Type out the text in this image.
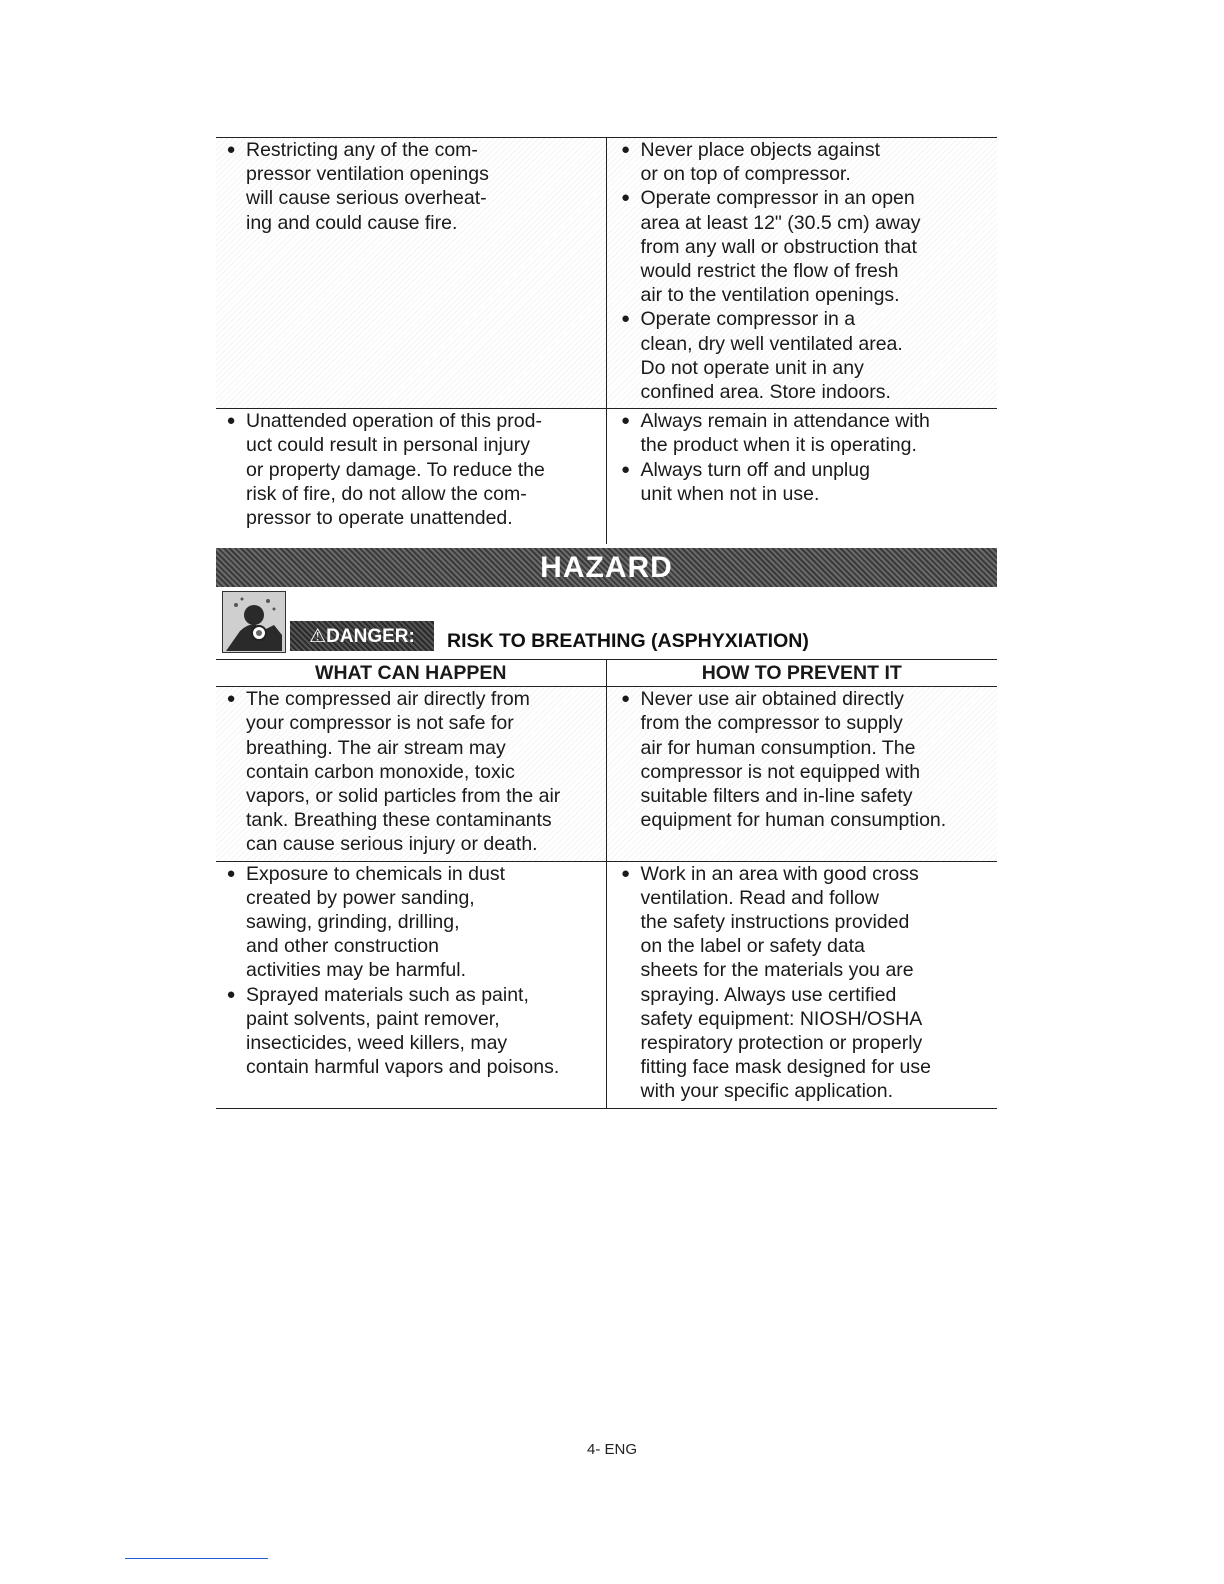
● Restricting any of the com-
pressor ventilation openings
will cause serious overheat-
ing and could cause fire.
● Never place objects against
or on top of compressor.
● Operate compressor in an open
area at least 12" (30.5 cm) away
from any wall or obstruction that
would restrict the flow of fresh
air to the ventilation openings.
● Operate compressor in a
clean, dry well ventilated area.
Do not operate unit in any
confined area. Store indoors.
● Unattended operation of this prod-
uct could result in personal injury
or property damage. To reduce the
risk of fire, do not allow the com-
pressor to operate unattended.
● Always remain in attendance with
the product when it is operating.
● Always turn off and unplug
unit when not in use.
HAZARD
⚠DANGER:	RISK TO BREATHING (ASPHYXIATION)
WHAT CAN HAPPEN	HOW TO PREVENT IT
● The compressed air directly from
your compressor is not safe for
breathing. The air stream may
contain carbon monoxide, toxic
vapors, or solid particles from the air
tank. Breathing these contaminants
can cause serious injury or death.
● Never use air obtained directly
from the compressor to supply
air for human consumption. The
compressor is not equipped with
suitable filters and in-line safety
equipment for human consumption.
● Exposure to chemicals in dust
created by power sanding,
sawing, grinding, drilling,
and other construction
activities may be harmful.
● Sprayed materials such as paint,
paint solvents, paint remover,
insecticides, weed killers, may
contain harmful vapors and poisons.
● Work in an area with good cross
ventilation. Read and follow
the safety instructions provided
on the label or safety data
sheets for the materials you are
spraying. Always use certified
safety equipment: NIOSH/OSHA
respiratory protection or properly
fitting face mask designed for use
with your specific application.
4- ENG
